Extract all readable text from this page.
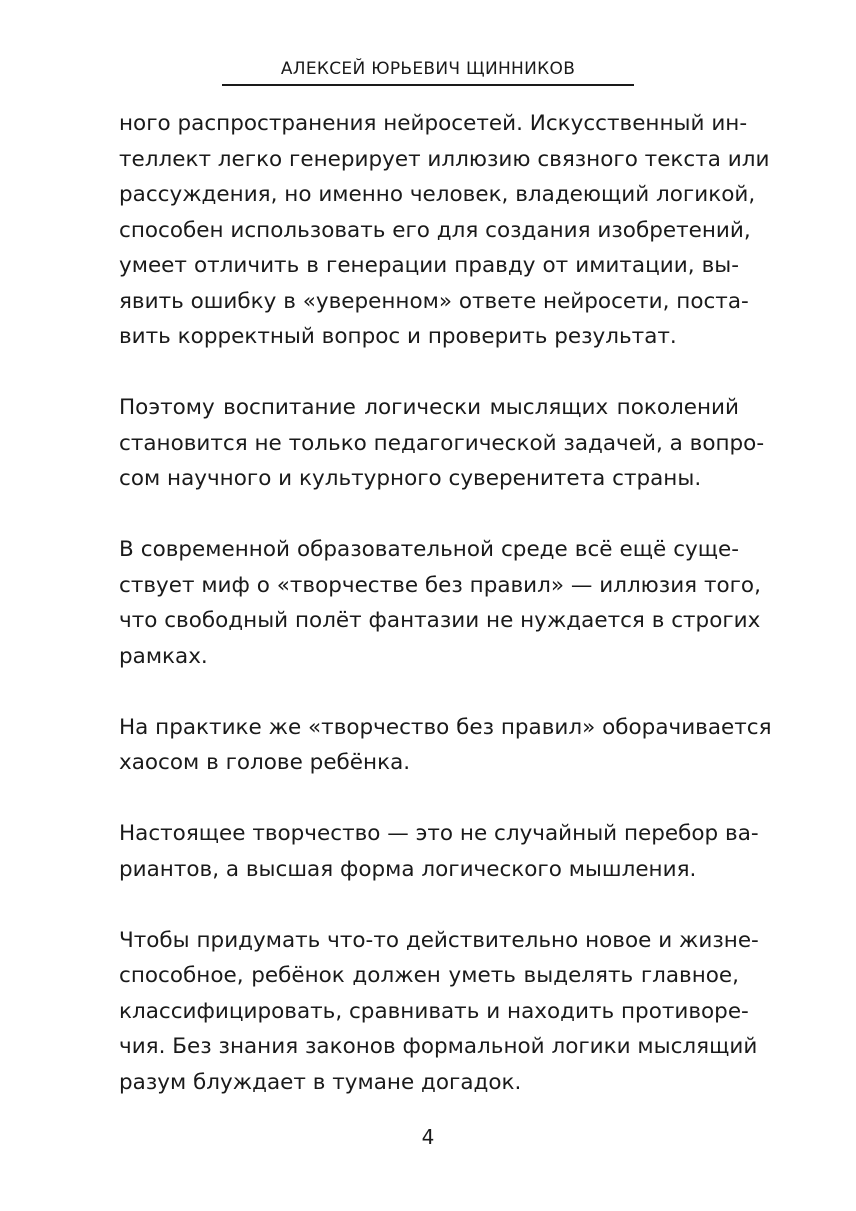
АЛЕКСЕЙ ЮРЬЕВИЧ ЩИННИКОВ

ного распространения нейросетей. Искусственный ин-
теллект легко генерирует иллюзию связного текста или
рассуждения, но именно человек, владеющий логикой,
способен использовать его для создания изобретений,
умеет отличить в генерации правду от имитации, вы-
явить ошибку в «уверенном» ответе нейросети, поста-
вить корректный вопрос и проверить результат.

Поэтому воспитание логически мыслящих поколений
становится не только педагогической задачей, а вопро-
сом научного и культурного суверенитета страны.

В современной образовательной среде всё ещё суще-
ствует миф о «творчестве без правил» — иллюзия того,
что свободный полёт фантазии не нуждается в строгих
рамках.

На практике же «творчество без правил» оборачивается
хаосом в голове ребёнка.

Настоящее творчество — это не случайный перебор ва-
риантов, а высшая форма логического мышления.

Чтобы придумать что-то действительно новое и жизне-
способное, ребёнок должен уметь выделять главное,
классифицировать, сравнивать и находить противоре-
чия. Без знания законов формальной логики мыслящий
разум блуждает в тумане догадок.

4
